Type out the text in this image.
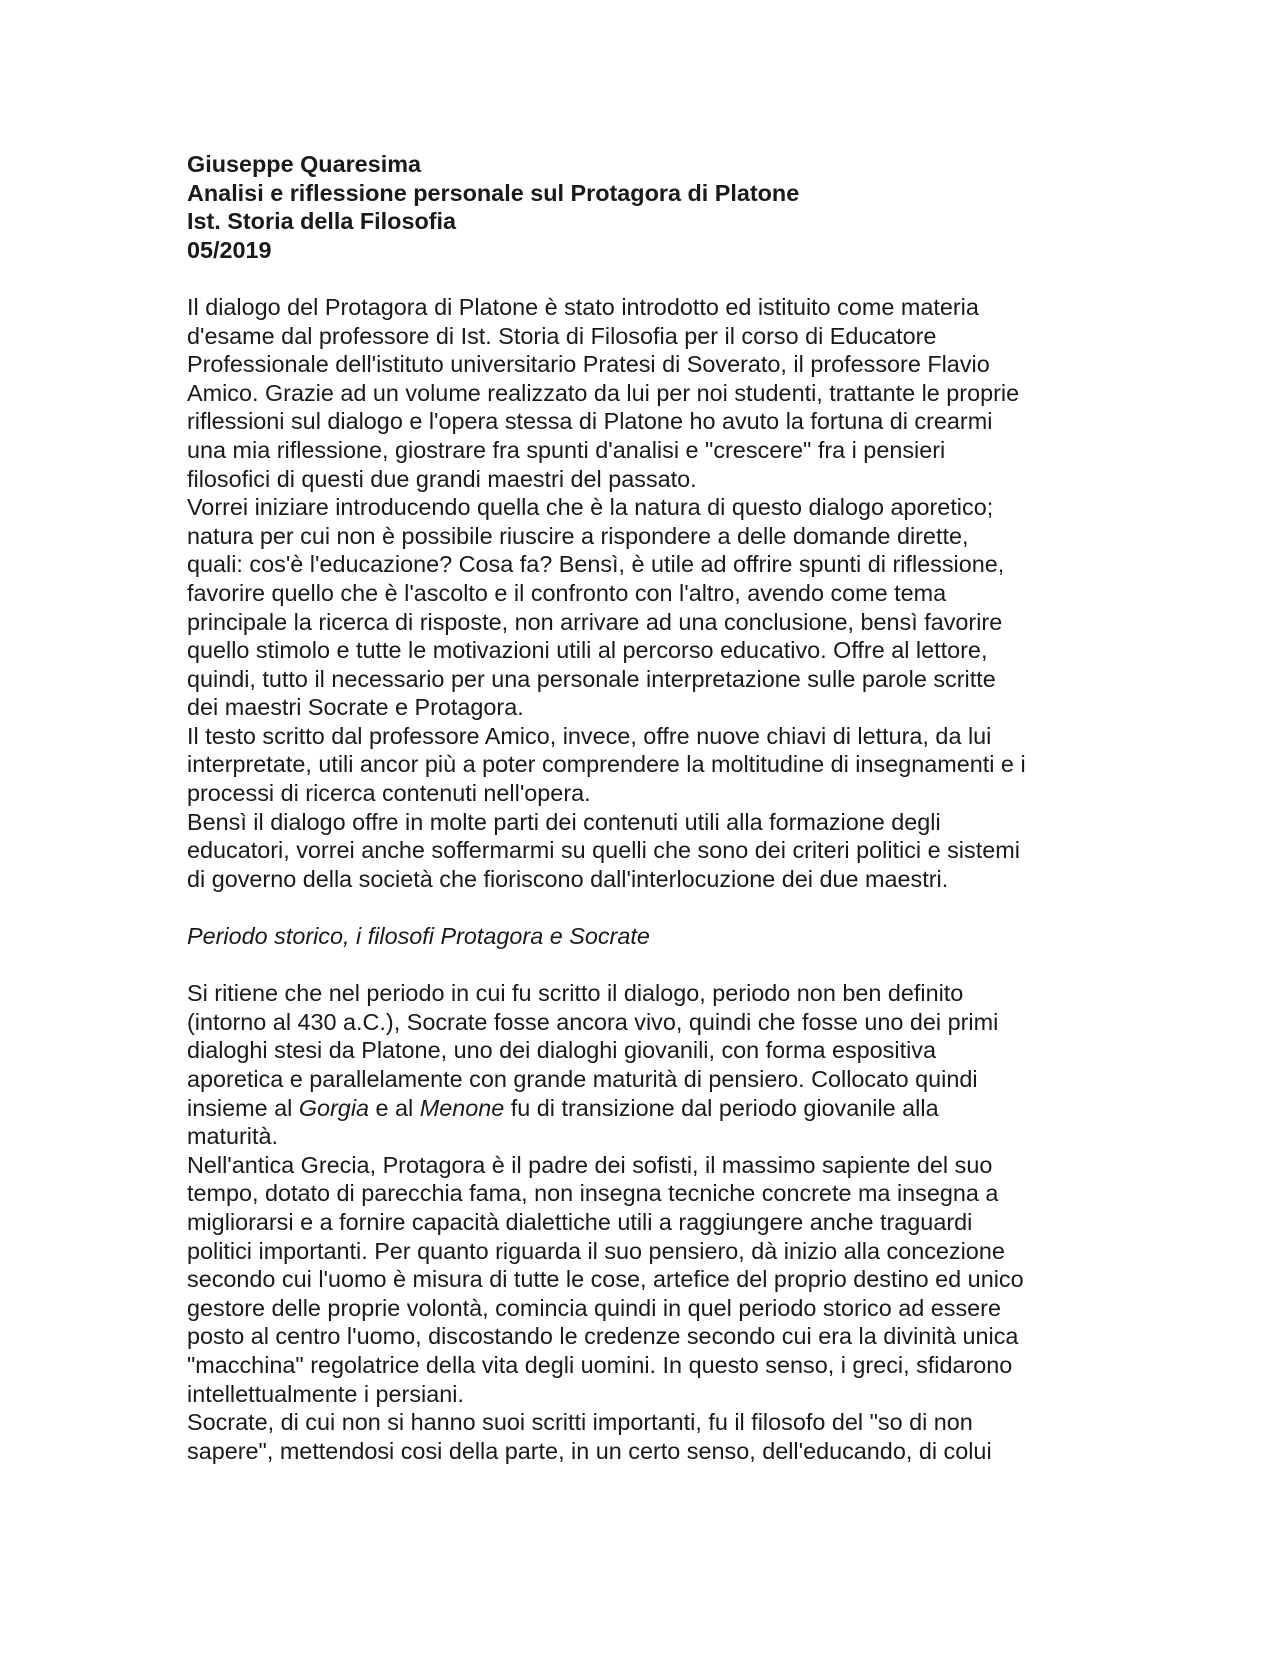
Giuseppe Quaresima
Analisi e riflessione personale sul Protagora di Platone
Ist. Storia della Filosofia
05/2019
Il dialogo del Protagora di Platone è stato introdotto ed istituito come materia
d'esame dal professore di Ist. Storia di Filosofia per il corso di Educatore
Professionale dell'istituto universitario Pratesi di Soverato, il professore Flavio
Amico. Grazie ad un volume realizzato da lui per noi studenti, trattante le proprie
riflessioni sul dialogo e l'opera stessa di Platone ho avuto la fortuna di crearmi
una mia riflessione, giostrare fra spunti d'analisi e "crescere" fra i pensieri
filosofici di questi due grandi maestri del passato.
Vorrei iniziare introducendo quella che è la natura di questo dialogo aporetico;
natura per cui non è possibile riuscire a rispondere a delle domande dirette,
quali: cos'è l'educazione? Cosa fa? Bensì, è utile ad offrire spunti di riflessione,
favorire quello che è l'ascolto e il confronto con l'altro, avendo come tema
principale la ricerca di risposte, non arrivare ad una conclusione, bensì favorire
quello stimolo e tutte le motivazioni utili al percorso educativo. Offre al lettore,
quindi, tutto il necessario per una personale interpretazione sulle parole scritte
dei maestri Socrate e Protagora.
Il testo scritto dal professore Amico, invece, offre nuove chiavi di lettura, da lui
interpretate, utili ancor più a poter comprendere la moltitudine di insegnamenti e i
processi di ricerca contenuti nell'opera.
Bensì il dialogo offre in molte parti dei contenuti utili alla formazione degli
educatori, vorrei anche soffermarmi su quelli che sono dei criteri politici e sistemi
di governo della società che fioriscono dall'interlocuzione dei due maestri.
Periodo storico, i filosofi Protagora e Socrate
Si ritiene che nel periodo in cui fu scritto il dialogo, periodo non ben definito
(intorno al 430 a.C.), Socrate fosse ancora vivo, quindi che fosse uno dei primi
dialoghi stesi da Platone, uno dei dialoghi giovanili, con forma espositiva
aporetica e parallelamente con grande maturità di pensiero. Collocato quindi
insieme al Gorgia e al Menone fu di transizione dal periodo giovanile alla
maturità.
Nell'antica Grecia, Protagora è il padre dei sofisti, il massimo sapiente del suo
tempo, dotato di parecchia fama, non insegna tecniche concrete ma insegna a
migliorarsi e a fornire capacità dialettiche utili a raggiungere anche traguardi
politici importanti. Per quanto riguarda il suo pensiero, dà inizio alla concezione
secondo cui l'uomo è misura di tutte le cose, artefice del proprio destino ed unico
gestore delle proprie volontà, comincia quindi in quel periodo storico ad essere
posto al centro l'uomo, discostando le credenze secondo cui era la divinità unica
"macchina" regolatrice della vita degli uomini. In questo senso, i greci, sfidarono
intellettualmente i persiani.
Socrate, di cui non si hanno suoi scritti importanti, fu il filosofo del "so di non
sapere", mettendosi cosi della parte, in un certo senso, dell'educando, di colui
